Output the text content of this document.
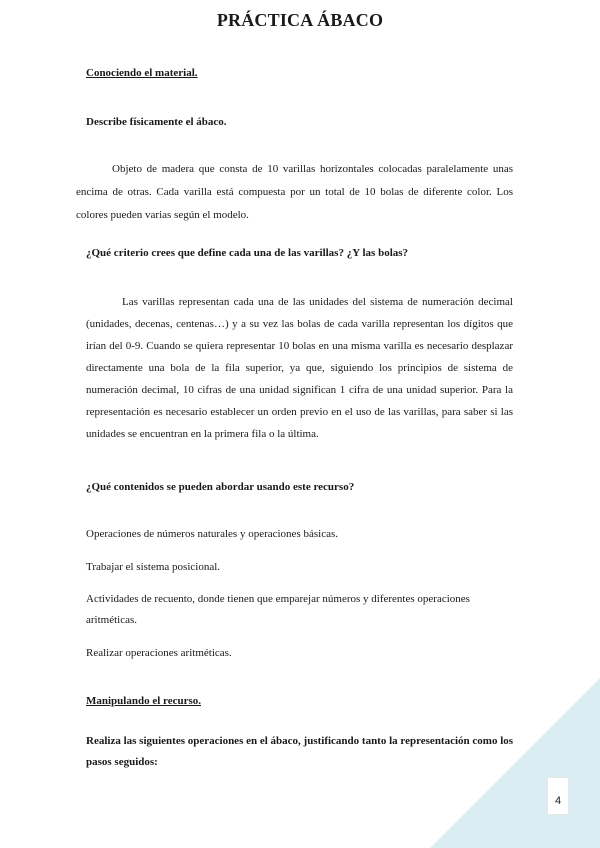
PRÁCTICA ÁBACO
Conociendo el material.
Describe físicamente el ábaco.
Objeto de madera que consta de 10 varillas horizontales colocadas paralelamente unas encima de otras. Cada varilla está compuesta por un total de 10 bolas de diferente color. Los colores pueden varias según el modelo.
¿Qué criterio crees que define cada una de las varillas? ¿Y las bolas?
Las varillas representan cada una de las unidades del sistema de numeración decimal (unidades, decenas, centenas…) y a su vez las bolas de cada varilla representan los dígitos que irían del 0-9. Cuando se quiera representar 10 bolas en una misma varilla es necesario desplazar directamente una bola de la fila superior, ya que, siguiendo los principios de sistema de numeración decimal, 10 cifras de una unidad significan 1 cifra de una unidad superior. Para la representación es necesario establecer un orden previo en el uso de las varillas, para saber si las unidades se encuentran en la primera fila o la última.
¿Qué contenidos se pueden abordar usando este recurso?
Operaciones de números naturales y operaciones básicas.
Trabajar el sistema posicional.
Actividades de recuento, donde tienen que emparejar números y diferentes operaciones aritméticas.
Realizar operaciones aritméticas.
Manipulando el recurso.
Realiza las siguientes operaciones en el ábaco, justificando tanto la representación como los pasos seguidos:
4
